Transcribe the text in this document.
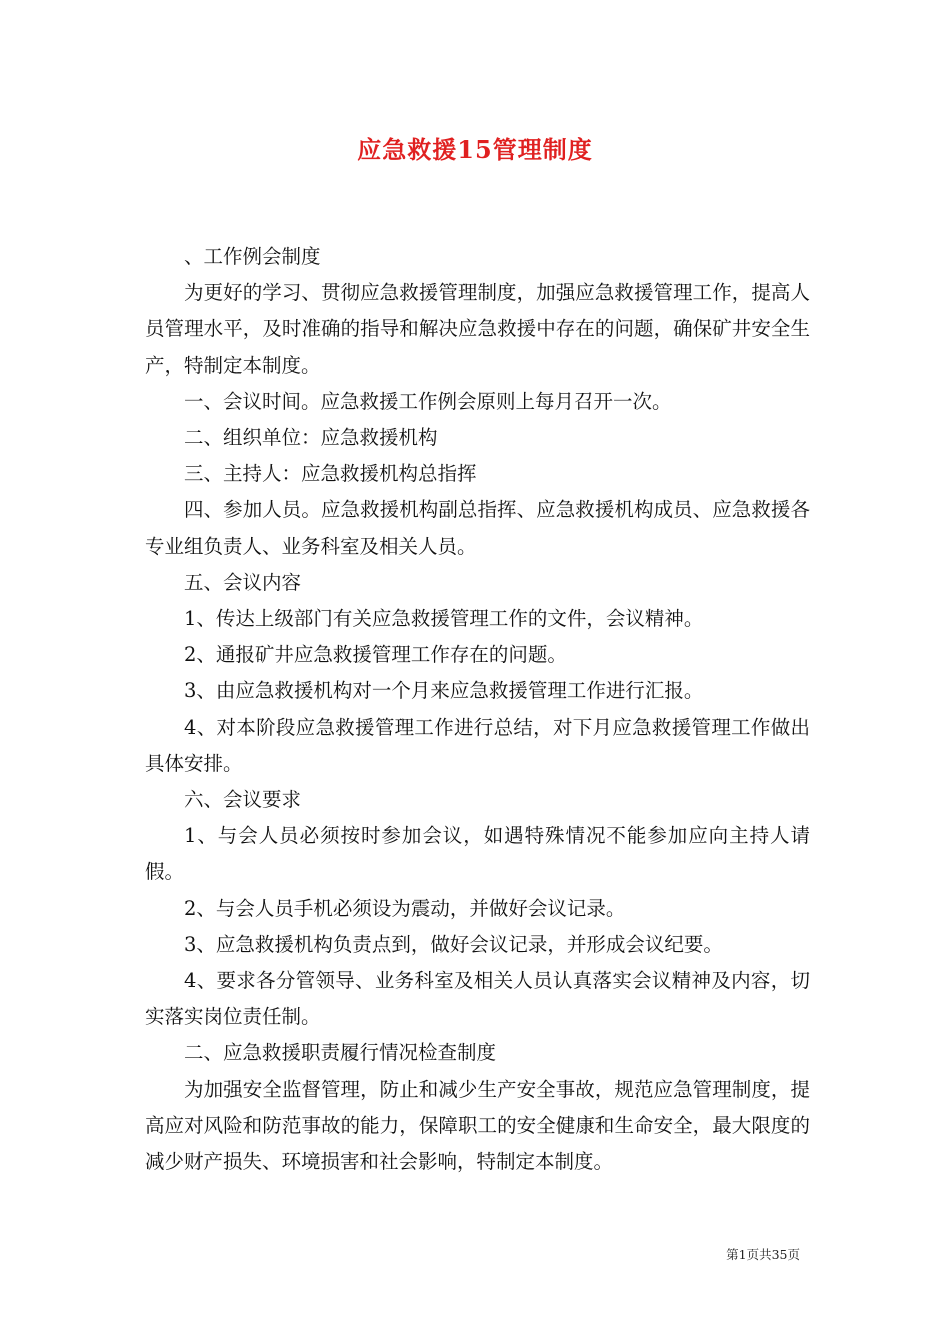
应急救援15管理制度

、工作例会制度

为更好的学习、贯彻应急救援管理制度，加强应急救援管理工作，提高人员管理水平，及时准确的指导和解决应急救援中存在的问题，确保矿井安全生产，特制定本制度。

一、会议时间。应急救援工作例会原则上每月召开一次。

二、组织单位：应急救援机构

三、主持人：应急救援机构总指挥

四、参加人员。应急救援机构副总指挥、应急救援机构成员、应急救援各专业组负责人、业务科室及相关人员。

五、会议内容

1、传达上级部门有关应急救援管理工作的文件，会议精神。

2、通报矿井应急救援管理工作存在的问题。

3、由应急救援机构对一个月来应急救援管理工作进行汇报。

4、对本阶段应急救援管理工作进行总结，对下月应急救援管理工作做出具体安排。

六、会议要求

1、与会人员必须按时参加会议，如遇特殊情况不能参加应向主持人请假。

2、与会人员手机必须设为震动，并做好会议记录。

3、应急救援机构负责点到，做好会议记录，并形成会议纪要。

4、要求各分管领导、业务科室及相关人员认真落实会议精神及内容，切实落实岗位责任制。

二、应急救援职责履行情况检查制度

为加强安全监督管理，防止和减少生产安全事故，规范应急管理制度，提高应对风险和防范事故的能力，保障职工的安全健康和生命安全，最大限度的减少财产损失、环境损害和社会影响，特制定本制度。

第1页共35页
